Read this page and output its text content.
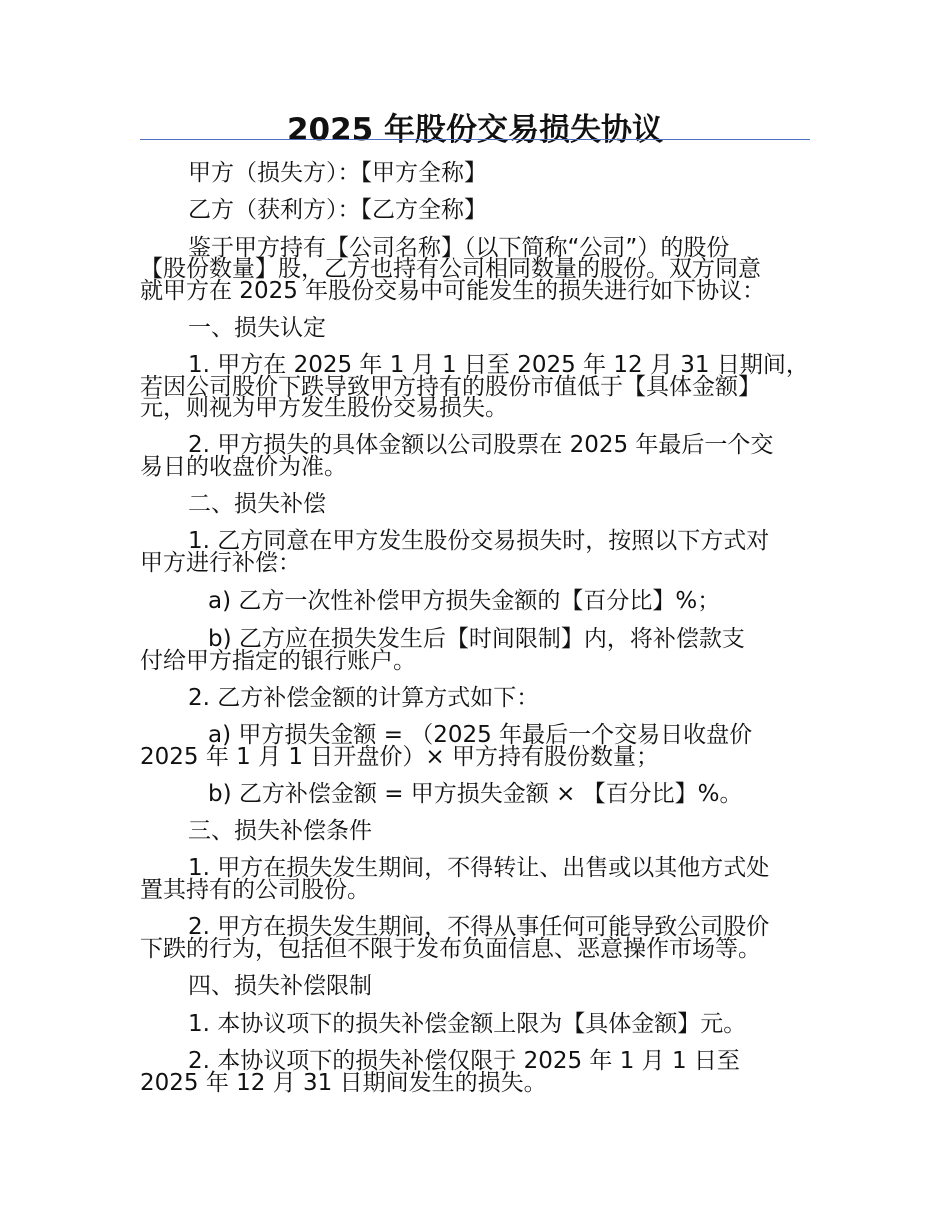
2025 年股份交易损失协议
甲方（损失方）：【甲方全称】
乙方（获利方）：【乙方全称】
鉴于甲方持有【公司名称】（以下简称“公司”）的股份
【股份数量】股，乙方也持有公司相同数量的股份。双方同意
就甲方在 2025 年股份交易中可能发生的损失进行如下协议：
一、损失认定
1. 甲方在 2025 年 1 月 1 日至 2025 年 12 月 31 日期间，
若因公司股价下跌导致甲方持有的股份市值低于【具体金额】
元，则视为甲方发生股份交易损失。
2. 甲方损失的具体金额以公司股票在 2025 年最后一个交
易日的收盘价为准。
二、损失补偿
1. 乙方同意在甲方发生股份交易损失时，按照以下方式对
甲方进行补偿：
a) 乙方一次性补偿甲方损失金额的【百分比】%；
b) 乙方应在损失发生后【时间限制】内，将补偿款支
付给甲方指定的银行账户。
2. 乙方补偿金额的计算方式如下：
a) 甲方损失金额 = （2025 年最后一个交易日收盘价
2025 年 1 月 1 日开盘价）× 甲方持有股份数量；
b) 乙方补偿金额 = 甲方损失金额 × 【百分比】%。
三、损失补偿条件
1. 甲方在损失发生期间，不得转让、出售或以其他方式处
置其持有的公司股份。
2. 甲方在损失发生期间，不得从事任何可能导致公司股价
下跌的行为，包括但不限于发布负面信息、恶意操作市场等。
四、损失补偿限制
1. 本协议项下的损失补偿金额上限为【具体金额】元。
2. 本协议项下的损失补偿仅限于 2025 年 1 月 1 日至
2025 年 12 月 31 日期间发生的损失。
